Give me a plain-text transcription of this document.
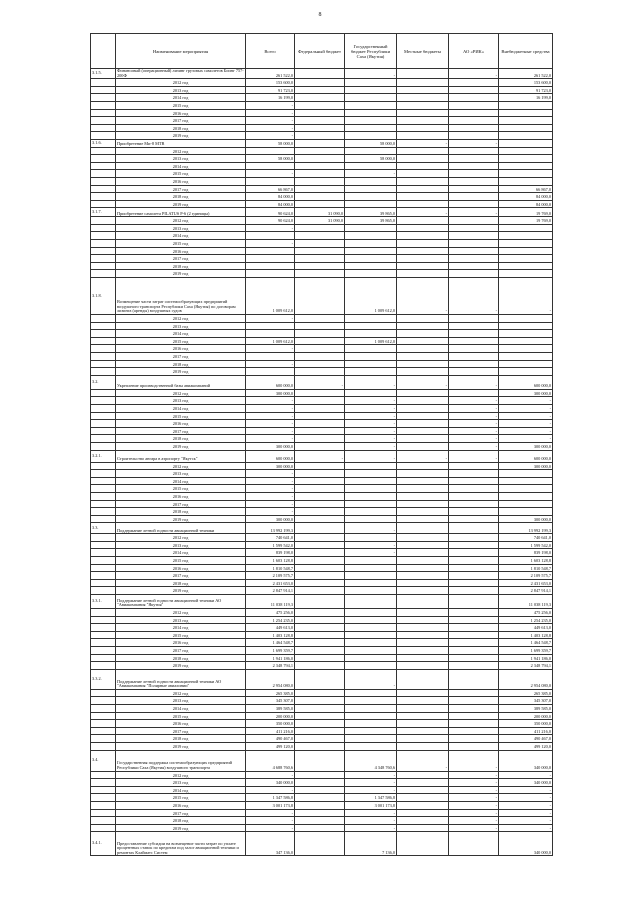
8
	Наименование мероприятия	Всего	Федеральный бюджет	Государственный бюджет Республики Саха (Якутия)	Местные бюджеты	АО «РИК»	Внебюджетные средства
3.1.5.	Финансовый (операционный) лизинг грузовых самолетов Боинг 757-200Ф	261 522,0		-		-	261 522,0
	2012 год	153 600,0					153 600,0
	2013 год	91 723,0					91 723,0
	2014 год	16 199,0					16 199,0
	2015 год	-					
	2016 год	-					
	2017 год	-					
	2018 год	-					
	2019 год	-					
3.1.6.	Приобретение Ми-8 МТВ	58 000,0		58 000,0	-	-	
	2012 год						
	2013 год	58 000,0		58 000,0			
	2014 год						
	2015 год	-		-			
	2016 год						
	2017 год	66 867,0					66 867,0
	2018 год	84 000,0					84 000,0
	2019 год	84 000,0					84 000,0
3.1.7.	Приобретение самолета PILATUS P-6 (2 единицы)	90 624,0	31 090,0	39 865,0	-	-	19 769,0
	2012 год	90 624,0	31 090,0	39 865,0			19 769,0
	2013 год	-					
	2014 год						
	2015 год	-					
	2016 год						
	2017 год						
	2018 год						
	2019 год						
3.1.8.	Возмещение части затрат системообразующих предприятий воздушного транспорта Республики Саха (Якутия) по договорам лизинга (аренды) воздушных судов	1 009 612,0		1 009 612,0	-	-	-
	2012 год	-					
	2013 год						
	2014 год						
	2015 год	1 009 612,0		1 009 612,0			
	2016 год	-					
	2017 год						
	2018 год	-					
	2019 год						
3.2.	Укрепление производственной базы авиакомпаний	600 000,0	-	-	-	-	600 000,0
	2012 год	300 000,0					300 000,0
	2013 год	-		-		-	-
	2014 год	-		-		-	-
	2015 год	-		-		-	-
	2016 год	-		-		-	-
	2017 год	-		-		-	-
	2018 год	-		-		-	-
	2019 год	300 000,0		-		-	300 000,0
3.2.1.	Строительство ангара в аэропорту "Якутск"	600 000,0	-	-	-	-	600 000,0
	2012 год	300 000,0					300 000,0
	2013 год	-					
	2014 год	-					
	2015 год	-					
	2016 год	-					
	2017 год	-					
	2018 год	-					
	2019 год	300 000,0					300 000,0
3.3.	Поддержание летной годности авиационной техники	13 992 199,3		-			13 992 199,3
	2012 год	740 641,0					740 641,0
	2013 год	1 599 542,0		-			1 599 542,0
	2014 год	839 198,0		-			839 198,0
	2015 год	1 603 128,8					1 603 128,8
	2016 год	1 810 548,7					1 810 548,7
	2017 год	2 109 575,7					2 109 575,7
	2018 год	2 431 653,0					2 431 653,0
	2019 год	2 847 914,1					2 847 914,1
3.3.1.	Поддержание летной годности авиационной техники АО "Авиакомпания "Якутия"	11 038 119,3					11 038 119,3
	2012 год	475 256,0					475 256,0
	2013 год	1 254 235,0					1 254 235,0
	2014 год	449 613,0					449 613,0
	2015 год	1 403 128,8					1 403 128,8
	2016 год	1 464 548,7					1 464 548,7
	2017 год	1 699 359,7					1 699 359,7
	2018 год	1 941 186,0					1 941 186,0
	2019 год	2 348 794,1					2 348 794,1
3.3.2.	Поддержание летной годности авиационной техники АО "Авиакомпания "Полярные авиалинии"	2 954 080,0		-			2 954 080,0
	2012 год	265 385,0					265 385,0
	2013 год	345 307,0					345 307,0
	2014 год	389 585,0					389 585,0
	2015 год	200 000,0					200 000,0
	2016 год	350 000,0					350 000,0
	2017 год	411 216,0					411 216,0
	2018 год	490 467,0					490 467,0
	2019 год	499 120,0					499 120,0
3.4.	Государственная поддержка системообразующих предприятий Республики Саха (Якутия) воздушного транспорта	4 688 760,6		4 348 760,6	-	-	340 000,0
	2012 год	-		-		-	-
	2013 год	340 000,0		-		-	340 000,0
	2014 год	-		-		-	-
	2015 год	1 347 586,8		1 347 586,8		-	-
	2016 год	3 001 173,8		3 001 173,8		-	-
	2017 год	-		-		-	-
	2018 год	-		-		-	-
	2019 год	-		-		-	-
3.4.1.	Предоставление субсидии на возмещение части затрат по уплате процентных ставок по кредитам под залог авиационной техники и ремонтах Клайматс Систем	347 136,0		7 136,0			340 000,0
